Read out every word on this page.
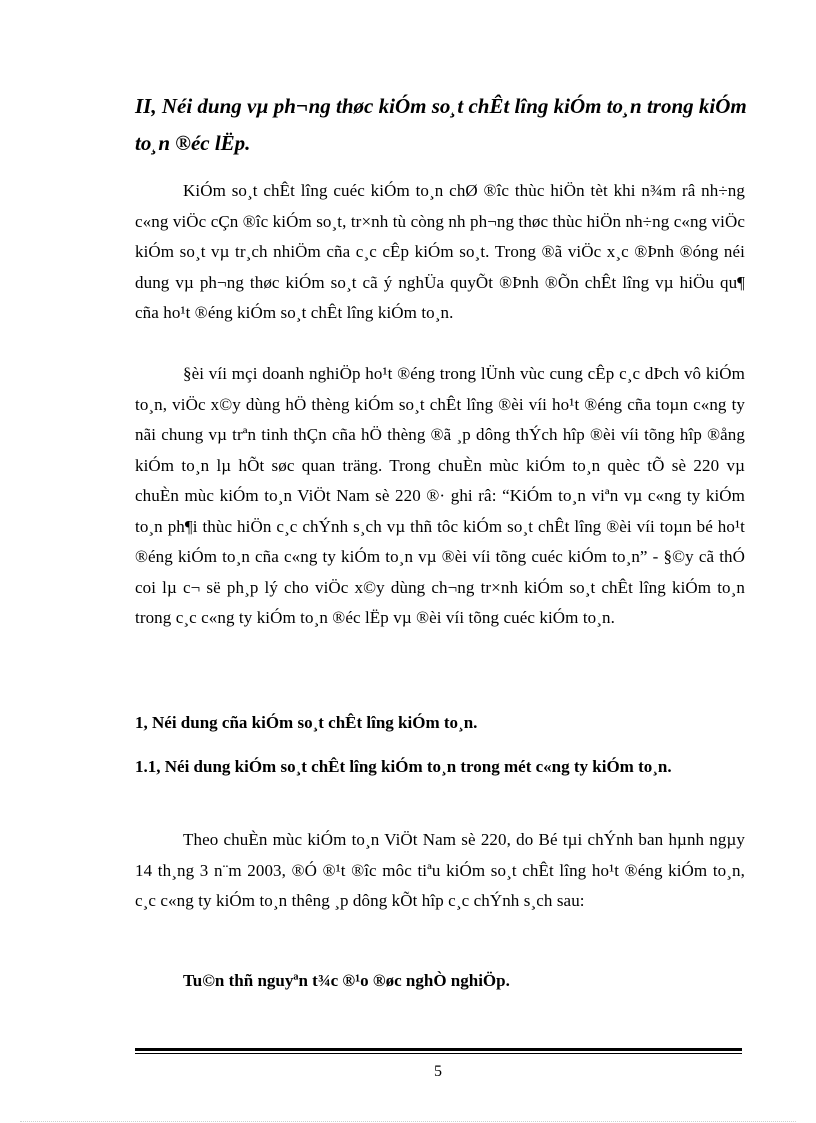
II, Néi dung vµ ph¬ng thøc kiÓm so¸t chÊt lîng kiÓm to¸n trong kiÓm to¸n ®éc lËp.

KiÓm so¸t chÊt lîng cuéc kiÓm to¸n chØ ®îc thùc hiÖn tèt khi n¾m râ nh÷ng c«ng viÖc cÇn ®îc kiÓm so¸t, tr×nh tù còng nh ph¬ng thøc thùc hiÖn nh÷ng c«ng viÖc kiÓm so¸t vµ tr¸ch nhiÖm cña c¸c cÊp kiÓm so¸t. Trong ®ã viÖc x¸c ®Þnh ®óng néi dung vµ ph¬ng thøc kiÓm so¸t cã ý nghÜa quyÕt ®Þnh ®Õn chÊt lîng vµ hiÖu qu¶ cña ho¹t ®éng kiÓm so¸t chÊt lîng kiÓm to¸n.

§èi víi mçi doanh nghiÖp ho¹t ®éng trong lÜnh vùc cung cÊp c¸c dÞch vô kiÓm to¸n, viÖc x©y dùng hÖ thèng kiÓm so¸t chÊt lîng ®èi víi ho¹t ®éng cña toµn c«ng ty nãi chung vµ trªn tinh thÇn cña hÖ thèng ®ã ¸p dông thÝch hîp ®èi víi tõng hîp ®ång kiÓm to¸n lµ hÕt søc quan träng. Trong chuÈn mùc kiÓm to¸n quèc tÕ sè 220 vµ chuÈn mùc kiÓm to¸n ViÖt Nam sè 220 ®· ghi râ: “KiÓm to¸n viªn vµ c«ng ty kiÓm to¸n ph¶i thùc hiÖn c¸c chÝnh s¸ch vµ thñ tôc kiÓm so¸t chÊt lîng ®èi víi toµn bé ho¹t ®éng kiÓm to¸n cña c«ng ty kiÓm to¸n vµ ®èi víi tõng cuéc kiÓm to¸n” - §©y cã thÓ coi lµ c¬ së ph¸p lý cho viÖc x©y dùng ch¬ng tr×nh kiÓm so¸t chÊt lîng kiÓm to¸n trong c¸c c«ng ty kiÓm to¸n ®éc lËp vµ ®èi víi tõng cuéc kiÓm to¸n.

1, Néi dung cña kiÓm so¸t chÊt lîng kiÓm to¸n.

1.1, Néi dung kiÓm so¸t chÊt lîng kiÓm to¸n trong mét c«ng ty kiÓm to¸n.

Theo chuÈn mùc kiÓm to¸n ViÖt Nam sè 220, do Bé tµi chÝnh ban hµnh ngµy 14 th¸ng 3 n¨m 2003, ®Ó ®¹t ®îc môc tiªu kiÓm so¸t chÊt lîng ho¹t ®éng kiÓm to¸n, c¸c c«ng ty kiÓm to¸n thêng ¸p dông kÕt hîp c¸c chÝnh s¸ch sau:

Tu©n thñ nguyªn t¾c ®¹o ®øc nghÒ nghiÖp.

5
